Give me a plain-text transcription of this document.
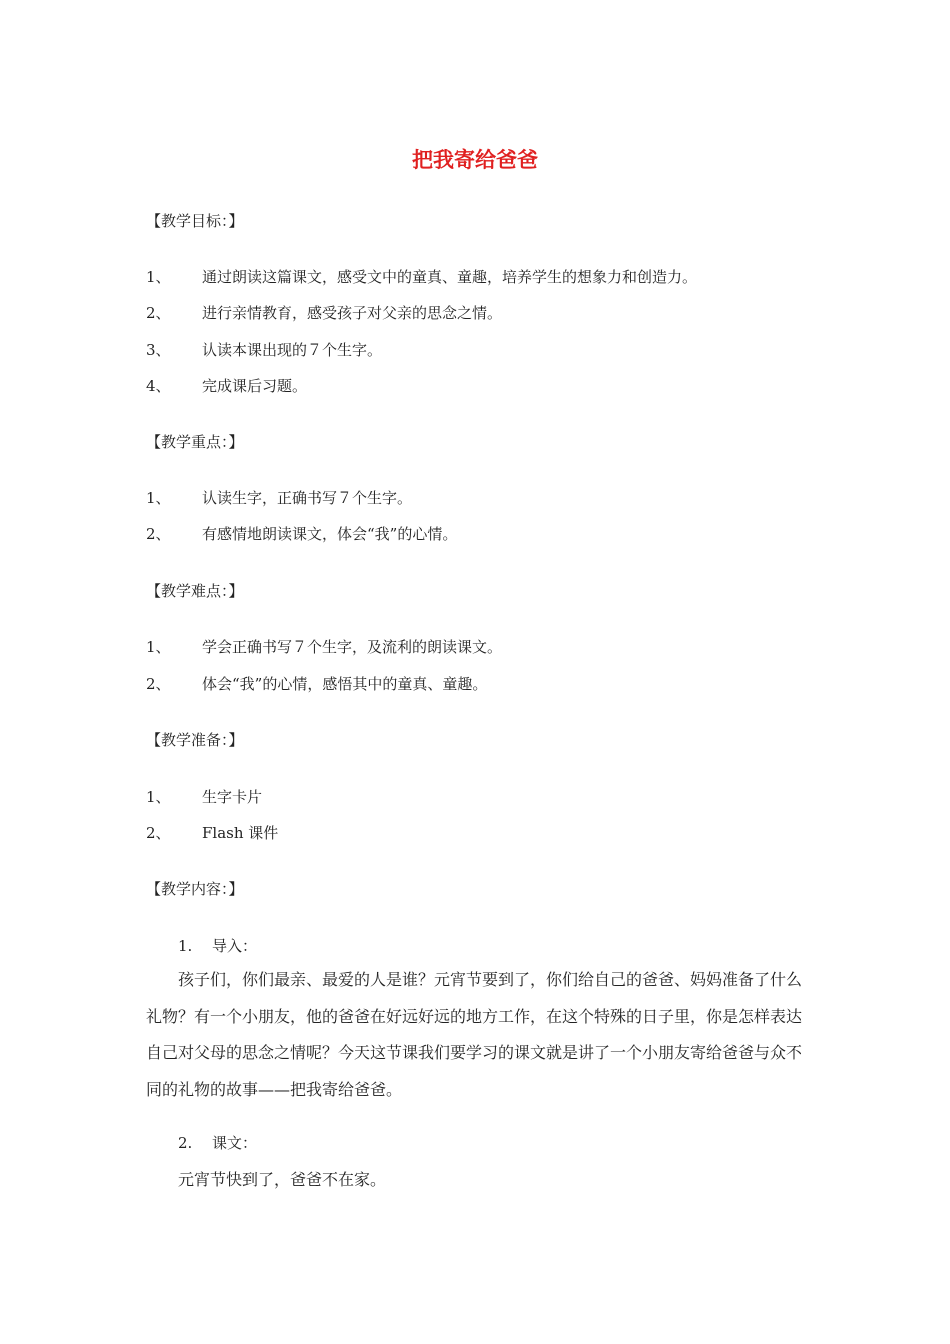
把我寄给爸爸
【教学目标：】
1、 通过朗读这篇课文，感受文中的童真、童趣，培养学生的想象力和创造力。
2、 进行亲情教育，感受孩子对父亲的思念之情。
3、 认读本课出现的７个生字。
4、 完成课后习题。
【教学重点：】
1、 认读生字，正确书写７个生字。
2、 有感情地朗读课文，体会“我”的心情。
【教学难点：】
1、 学会正确书写７个生字，及流利的朗读课文。
2、 体会“我”的心情，感悟其中的童真、童趣。
【教学准备：】
1、 生字卡片
2、 Flash 课件
【教学内容：】
1. 导入：
孩子们，你们最亲、最爱的人是谁？元宵节要到了，你们给自己的爸爸、妈妈准备了什么礼物？有一个小朋友，他的爸爸在好远好远的地方工作，在这个特殊的日子里，你是怎样表达自己对父母的思念之情呢？今天这节课我们要学习的课文就是讲了一个小朋友寄给爸爸与众不同的礼物的故事——把我寄给爸爸。
2. 课文：
元宵节快到了，爸爸不在家。
